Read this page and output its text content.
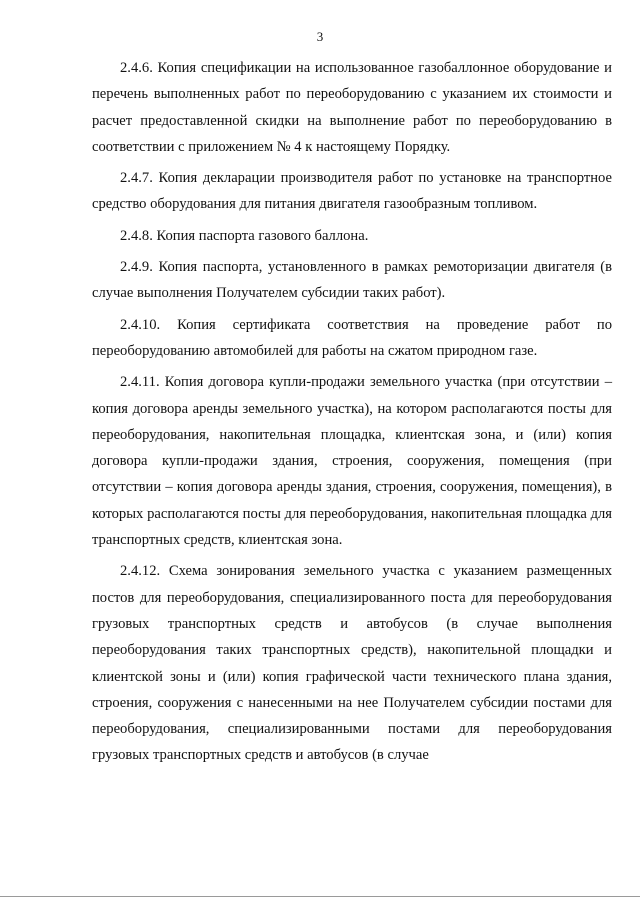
3

2.4.6. Копия спецификации на использованное газобаллонное оборудование и перечень выполненных работ по переоборудованию с указанием их стоимости и расчет предоставленной скидки на выполнение работ по переоборудованию в соответствии с приложением № 4 к настоящему Порядку.

2.4.7. Копия декларации производителя работ по установке на транспортное средство оборудования для питания двигателя газообразным топливом.

2.4.8. Копия паспорта газового баллона.

2.4.9. Копия паспорта, установленного в рамках ремоторизации двигателя (в случае выполнения Получателем субсидии таких работ).

2.4.10. Копия сертификата соответствия на проведение работ по переоборудованию автомобилей для работы на сжатом природном газе.

2.4.11. Копия договора купли-продажи земельного участка (при отсутствии – копия договора аренды земельного участка), на котором располагаются посты для переоборудования, накопительная площадка, клиентская зона, и (или) копия договора купли-продажи здания, строения, сооружения, помещения (при отсутствии – копия договора аренды здания, строения, сооружения, помещения), в которых располагаются посты для переоборудования, накопительная площадка для транспортных средств, клиентская зона.

2.4.12. Схема зонирования земельного участка с указанием размещенных постов для переоборудования, специализированного поста для переоборудования грузовых транспортных средств и автобусов (в случае выполнения переоборудования таких транспортных средств), накопительной площадки и клиентской зоны и (или) копия графической части технического плана здания, строения, сооружения с нанесенными на нее Получателем субсидии постами для переоборудования, специализированными постами для переоборудования грузовых транспортных средств и автобусов (в случае
